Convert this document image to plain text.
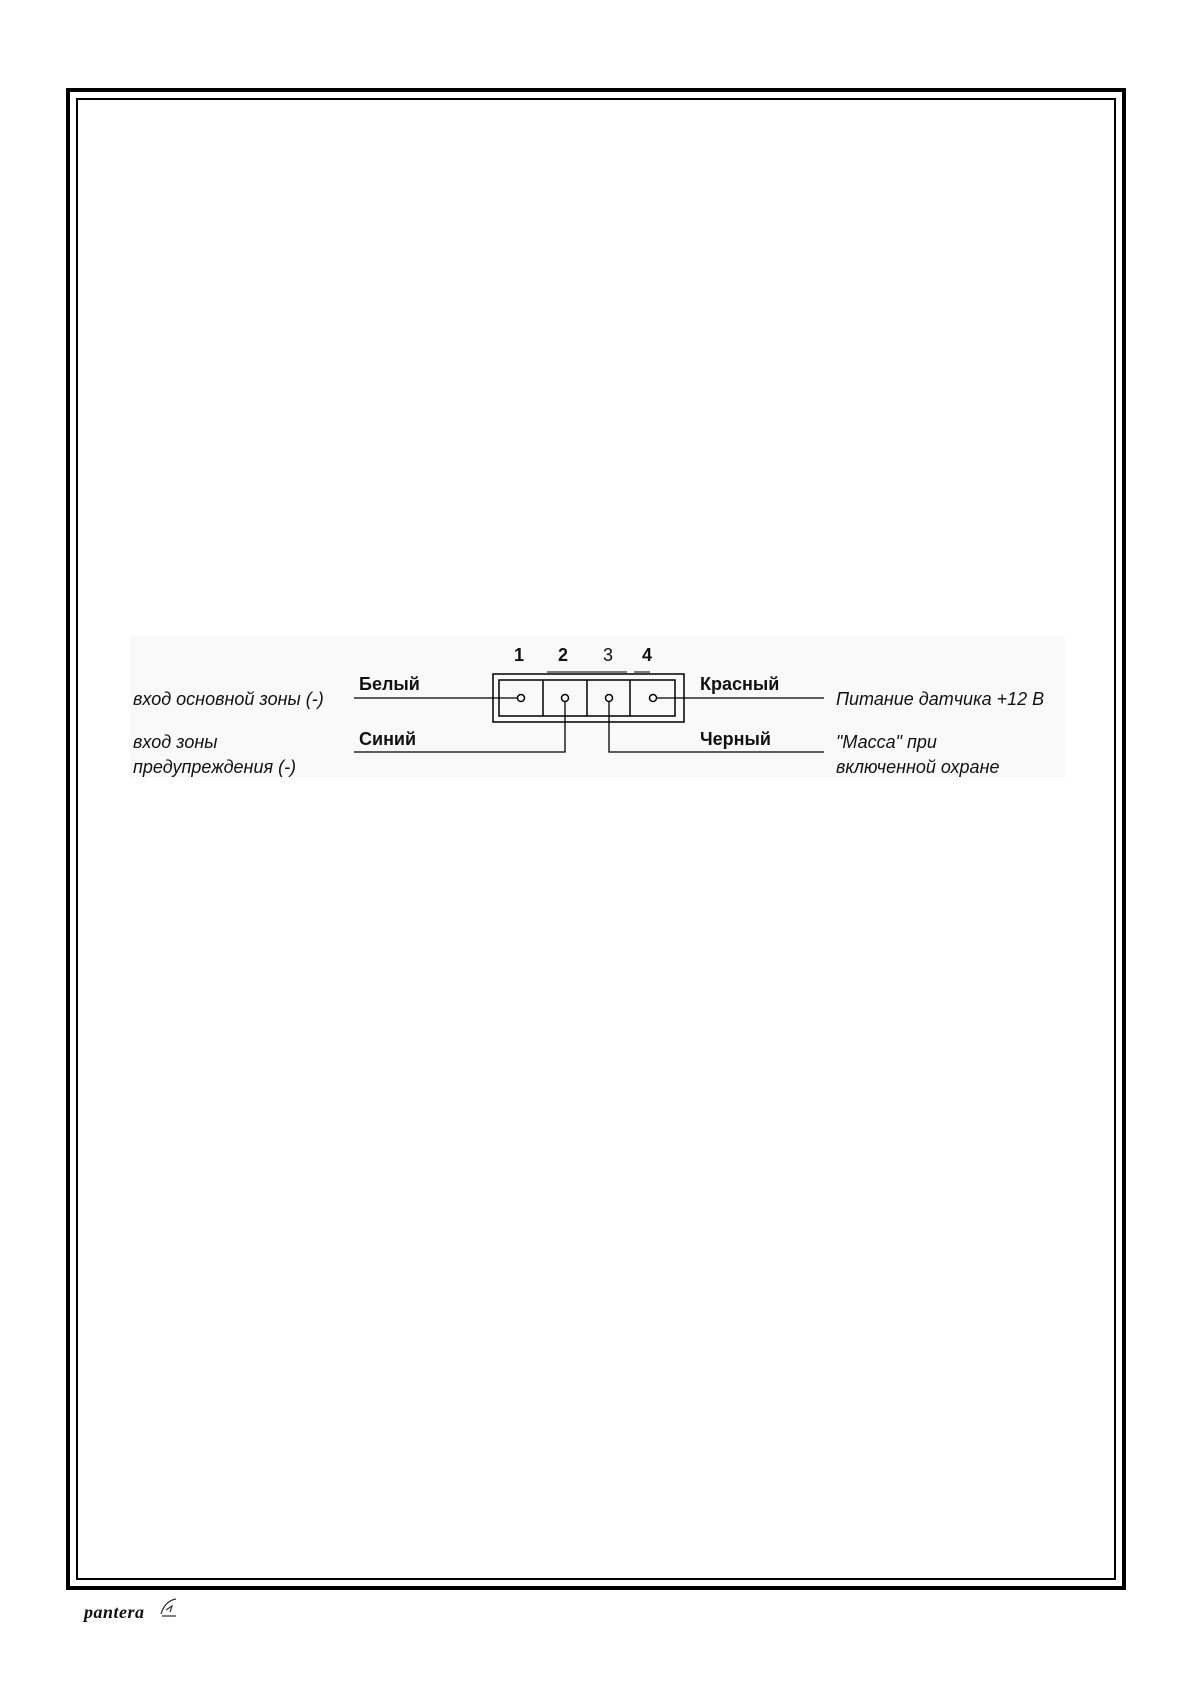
1 2 3 4
Белый
Синий
Красный
Черный
вход основной зоны (-)
вход зоны
предупреждения (-)
Питание датчика +12 В
"Масса" при
включенной охране
pantera
